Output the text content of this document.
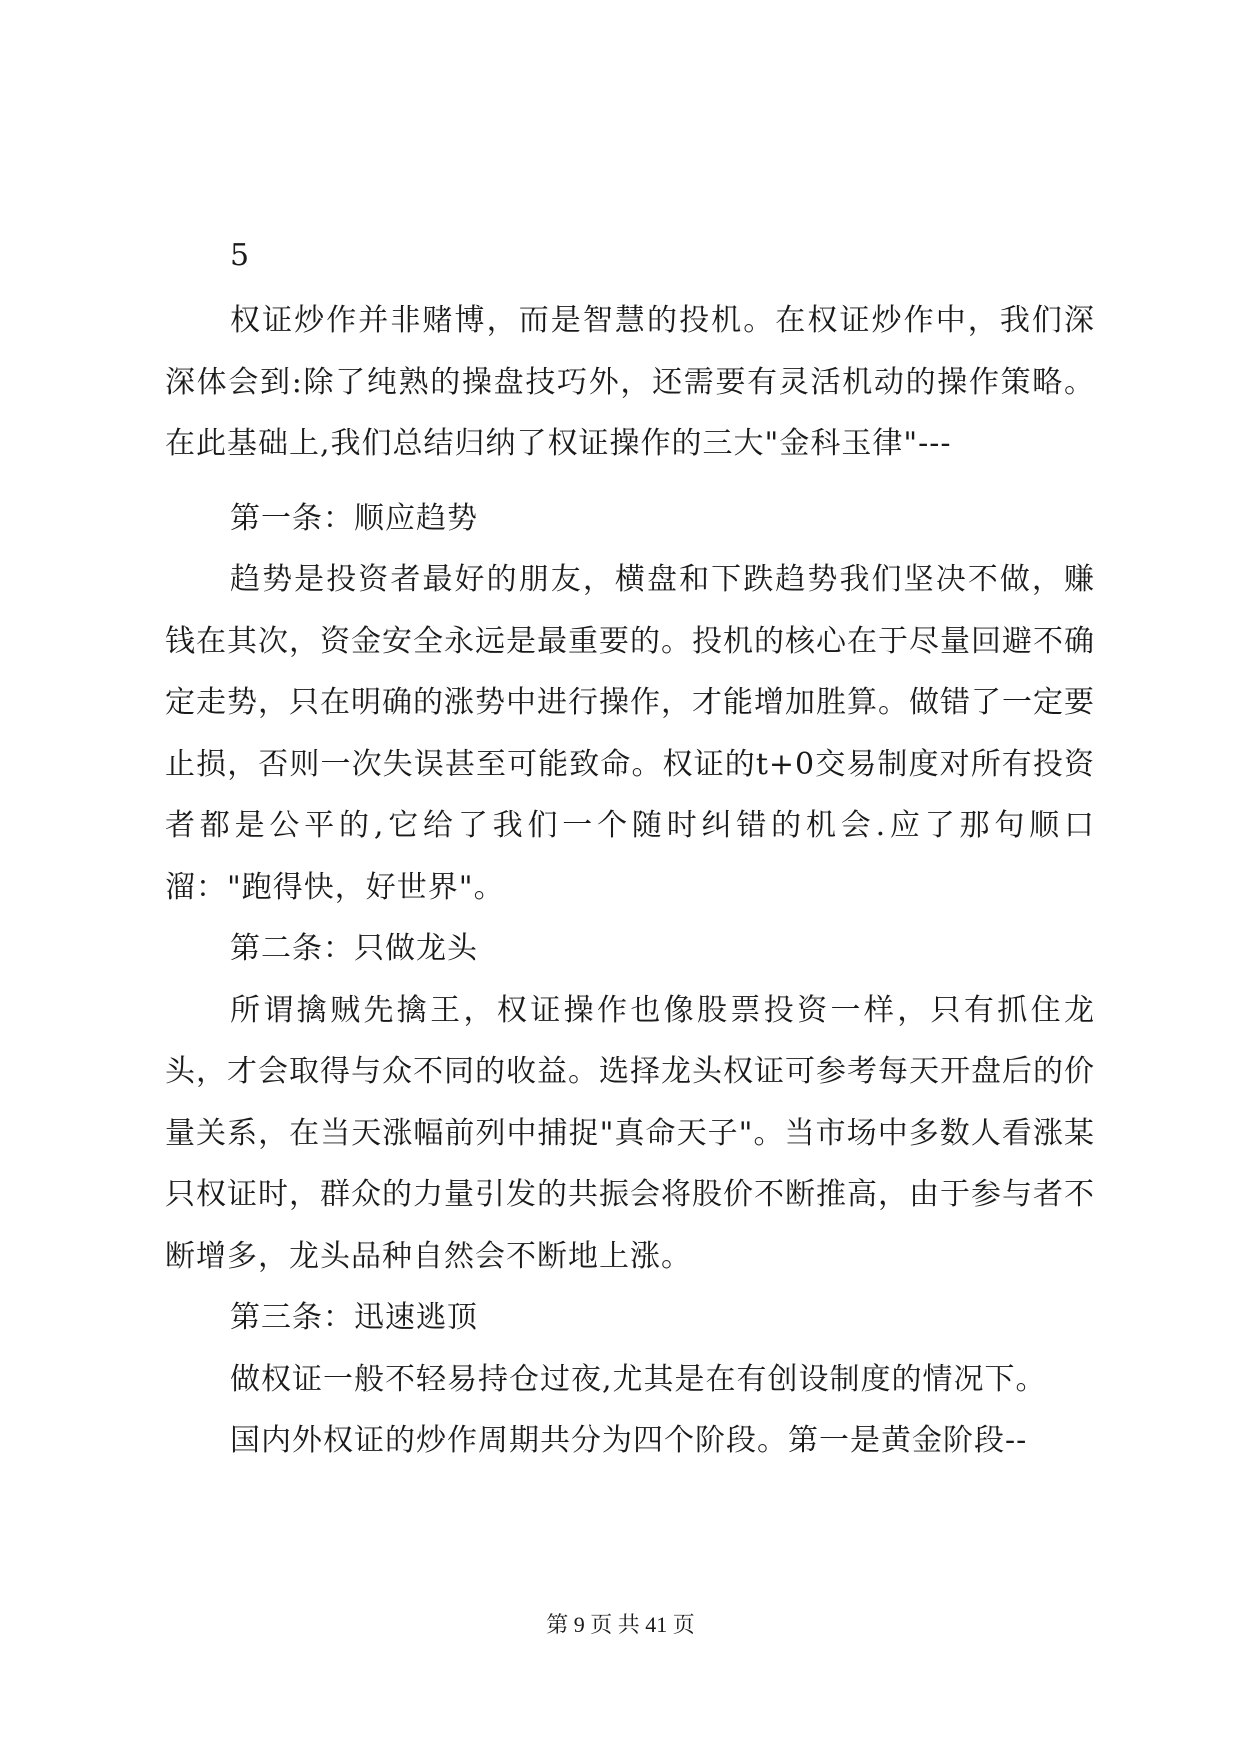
5

权证炒作并非赌博，而是智慧的投机。在权证炒作中，我们深深体会到:除了纯熟的操盘技巧外，还需要有灵活机动的操作策略。在此基础上,我们总结归纳了权证操作的三大"金科玉律"---

第一条：顺应趋势

趋势是投资者最好的朋友，横盘和下跌趋势我们坚决不做，赚钱在其次，资金安全永远是最重要的。投机的核心在于尽量回避不确定走势，只在明确的涨势中进行操作，才能增加胜算。做错了一定要止损，否则一次失误甚至可能致命。权证的t+0交易制度对所有投资者都是公平的,它给了我们一个随时纠错的机会.应了那句顺口溜："跑得快，好世界"。

第二条：只做龙头

所谓擒贼先擒王，权证操作也像股票投资一样，只有抓住龙头，才会取得与众不同的收益。选择龙头权证可参考每天开盘后的价量关系，在当天涨幅前列中捕捉"真命天子"。当市场中多数人看涨某只权证时，群众的力量引发的共振会将股价不断推高，由于参与者不断增多，龙头品种自然会不断地上涨。

第三条：迅速逃顶

做权证一般不轻易持仓过夜,尤其是在有创设制度的情况下。

国内外权证的炒作周期共分为四个阶段。第一是黄金阶段--

第 9 页 共 41 页
